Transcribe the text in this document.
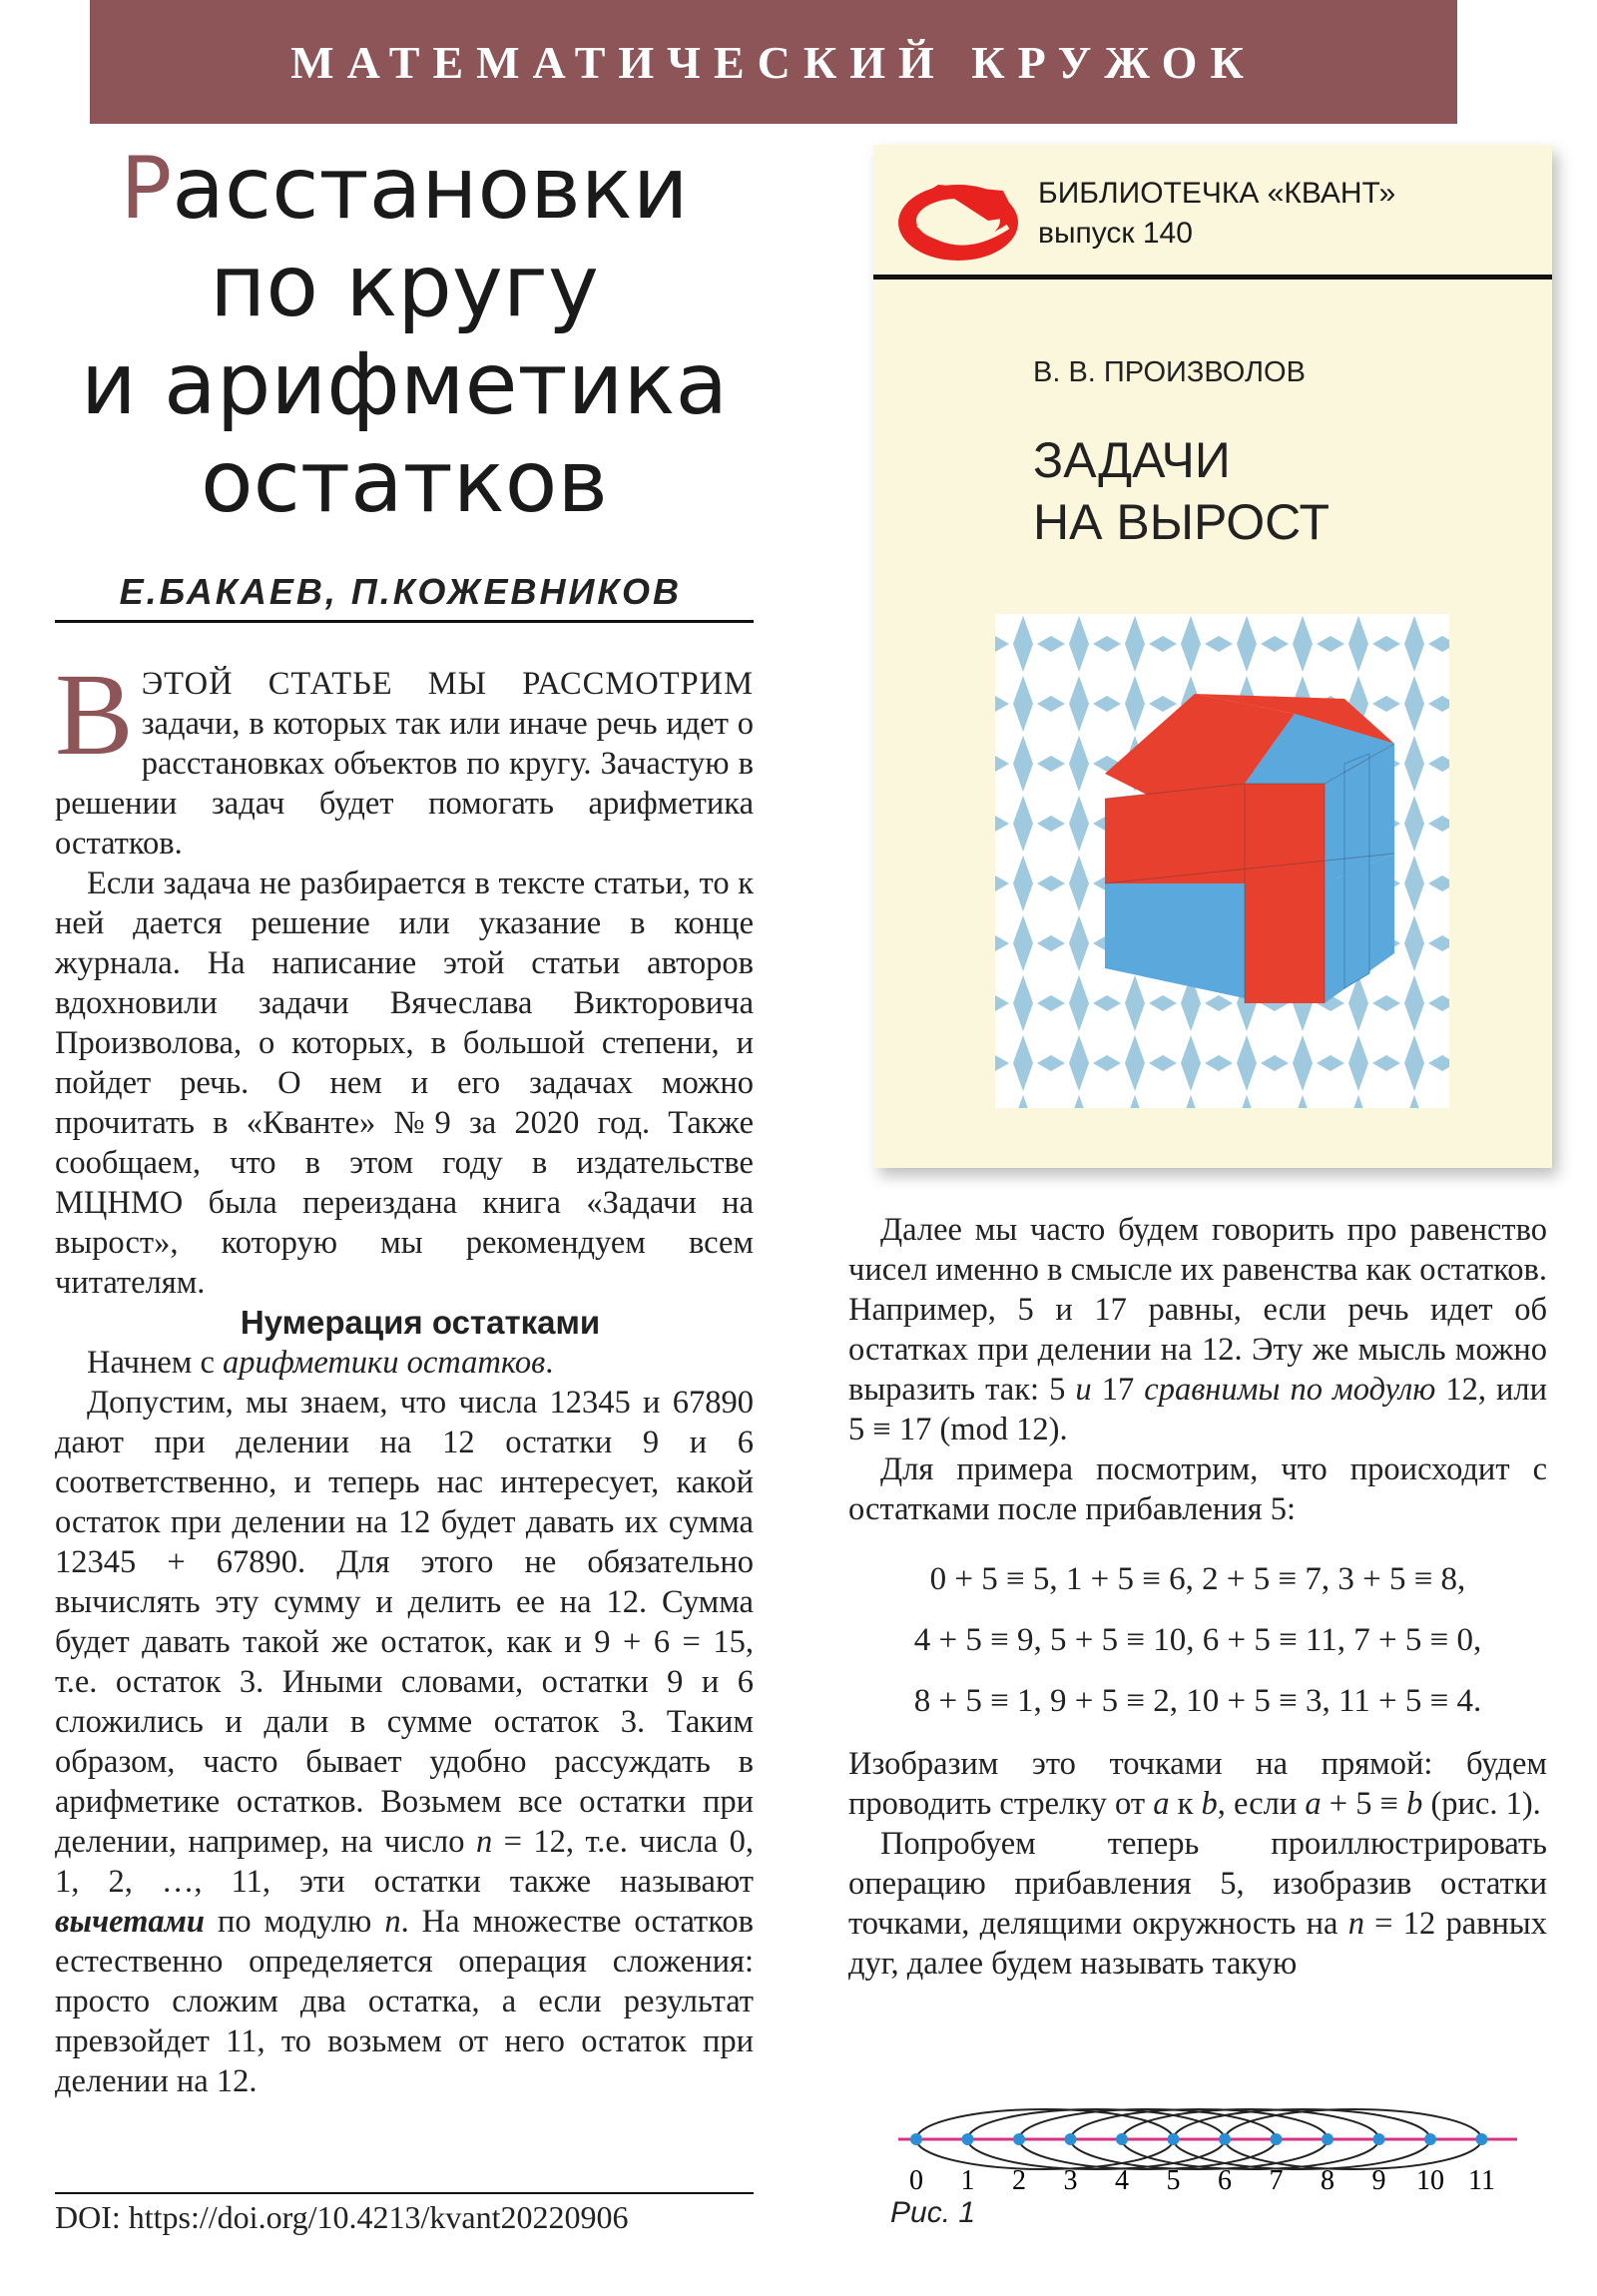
МАТЕМАТИЧЕСКИЙ КРУЖОК
Расстановки
по кругу
и арифметика
остатков
Е.БАКАЕВ, П.КОЖЕВНИКОВ

ВЭТОЙ СТАТЬЕ МЫ РАССМОТРИМ задачи, в которых так или иначе речь идет о расстановках объектов по кругу. Зачастую в решении задач будет помогать арифметика остатков.

Если задача не разбирается в тексте статьи, то к ней дается решение или указание в конце журнала. На написание этой статьи авторов вдохновили задачи Вячеслава Викторовича Произволова, о которых, в большой степени, и пойдет речь. О нем и его задачах можно прочитать в «Кванте» №9 за 2020 год. Также сообщаем, что в этом году в издательстве МЦНМО была переиздана книга «Задачи на вырост», которую мы рекомендуем всем читателям.

Нумерация остатками

Начнем с арифметики остатков.

Допустим, мы знаем, что числа 12345 и 67890 дают при делении на 12 остатки 9 и 6 соответственно, и теперь нас интересует, какой остаток при делении на 12 будет давать их сумма 12345 + 67890. Для этого не обязательно вычислять эту сумму и делить ее на 12. Сумма будет давать такой же остаток, как и 9 + 6 = 15, т.е. остаток 3. Иными словами, остатки 9 и 6 сложились и дали в сумме остаток 3. Таким образом, часто бывает удобно рассуждать в арифметике остатков. Возьмем все остатки при делении, например, на число n = 12, т.е. числа 0, 1, 2, …, 11, эти остатки также называют вычетами по модулю n. На множестве остатков естественно определяется операция сложения: просто сложим два остатка, а если результат превзойдет 11, то возьмем от него остаток при делении на 12.

DOI: https://doi.org/10.4213/kvant20220906
БИБЛИОТЕЧКА «КВАНТ»
выпуск 140
В. В. ПРОИЗВОЛОВ
ЗАДАЧИ
НА ВЫРОСТ

Далее мы часто будем говорить про равенство чисел именно в смысле их равенства как остатков. Например, 5 и 17 равны, если речь идет об остатках при делении на 12. Эту же мысль можно выразить так: 5 и 17 сравнимы по модулю 12, или 5 ≡ 17 (mod 12).

Для примера посмотрим, что происходит с остатками после прибавления 5:

0 + 5 ≡ 5, 1 + 5 ≡ 6, 2 + 5 ≡ 7, 3 + 5 ≡ 8,
4 + 5 ≡ 9, 5 + 5 ≡ 10, 6 + 5 ≡ 11, 7 + 5 ≡ 0,
8 + 5 ≡ 1, 9 + 5 ≡ 2, 10 + 5 ≡ 3, 11 + 5 ≡ 4.

Изобразим это точками на прямой: будем проводить стрелку от a к b, если a + 5 ≡ b (рис. 1).

Попробуем теперь проиллюстрировать операцию прибавления 5, изобразив остатки точками, делящими окружность на n = 12 равных дуг, далее будем называть такую

0 1 2 3 4 5 6 7 8 9 10 11
Рис. 1
